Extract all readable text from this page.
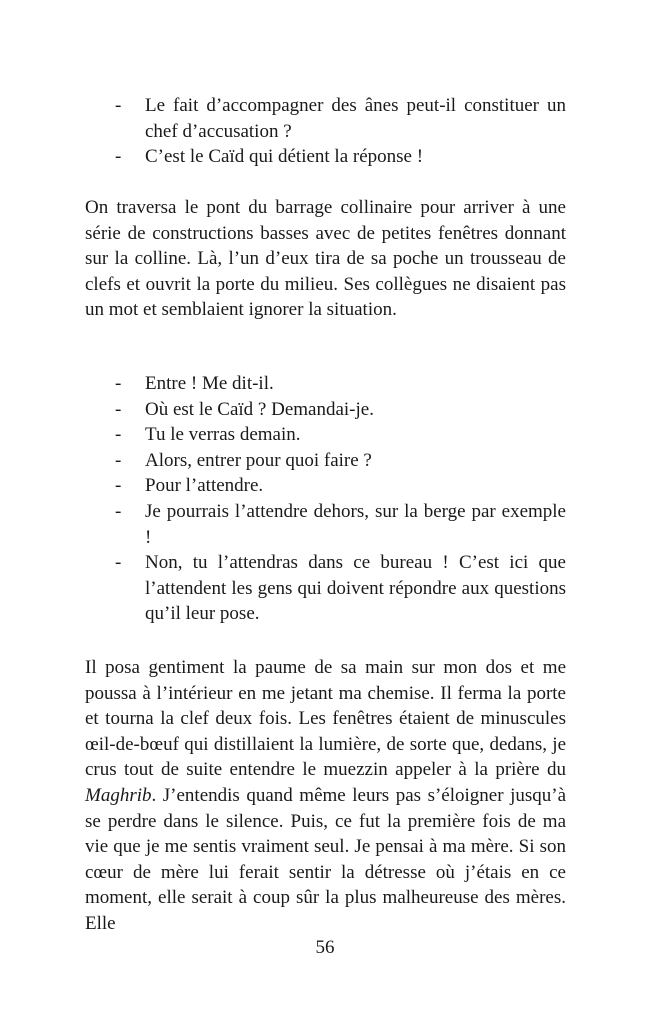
- Le fait d’accompagner des ânes peut-il constituer un chef d’accusation ?
- C’est le Caïd qui détient la réponse !

On traversa le pont du barrage collinaire pour arriver à une série de constructions basses avec de petites fenêtres donnant sur la colline. Là, l’un d’eux tira de sa poche un trousseau de clefs et ouvrit la porte du milieu. Ses collègues ne disaient pas un mot et semblaient ignorer la situation.

- Entre ! Me dit-il.
- Où est le Caïd ? Demandai-je.
- Tu le verras demain.
- Alors, entrer pour quoi faire ?
- Pour l’attendre.
- Je pourrais l’attendre dehors, sur la berge par exemple !
- Non, tu l’attendras dans ce bureau ! C’est ici que l’attendent les gens qui doivent répondre aux questions qu’il leur pose.

Il posa gentiment la paume de sa main sur mon dos et me poussa à l’intérieur en me jetant ma chemise. Il ferma la porte et tourna la clef deux fois. Les fenêtres étaient de minuscules œil-de-bœuf qui distillaient la lumière, de sorte que, dedans, je crus tout de suite entendre le muezzin appeler à la prière du Maghrib. J’entendis quand même leurs pas s’éloigner jusqu’à se perdre dans le silence. Puis, ce fut la première fois de ma vie que je me sentis vraiment seul. Je pensai à ma mère. Si son cœur de mère lui ferait sentir la détresse où j’étais en ce moment, elle serait à coup sûr la plus malheureuse des mères. Elle

56
